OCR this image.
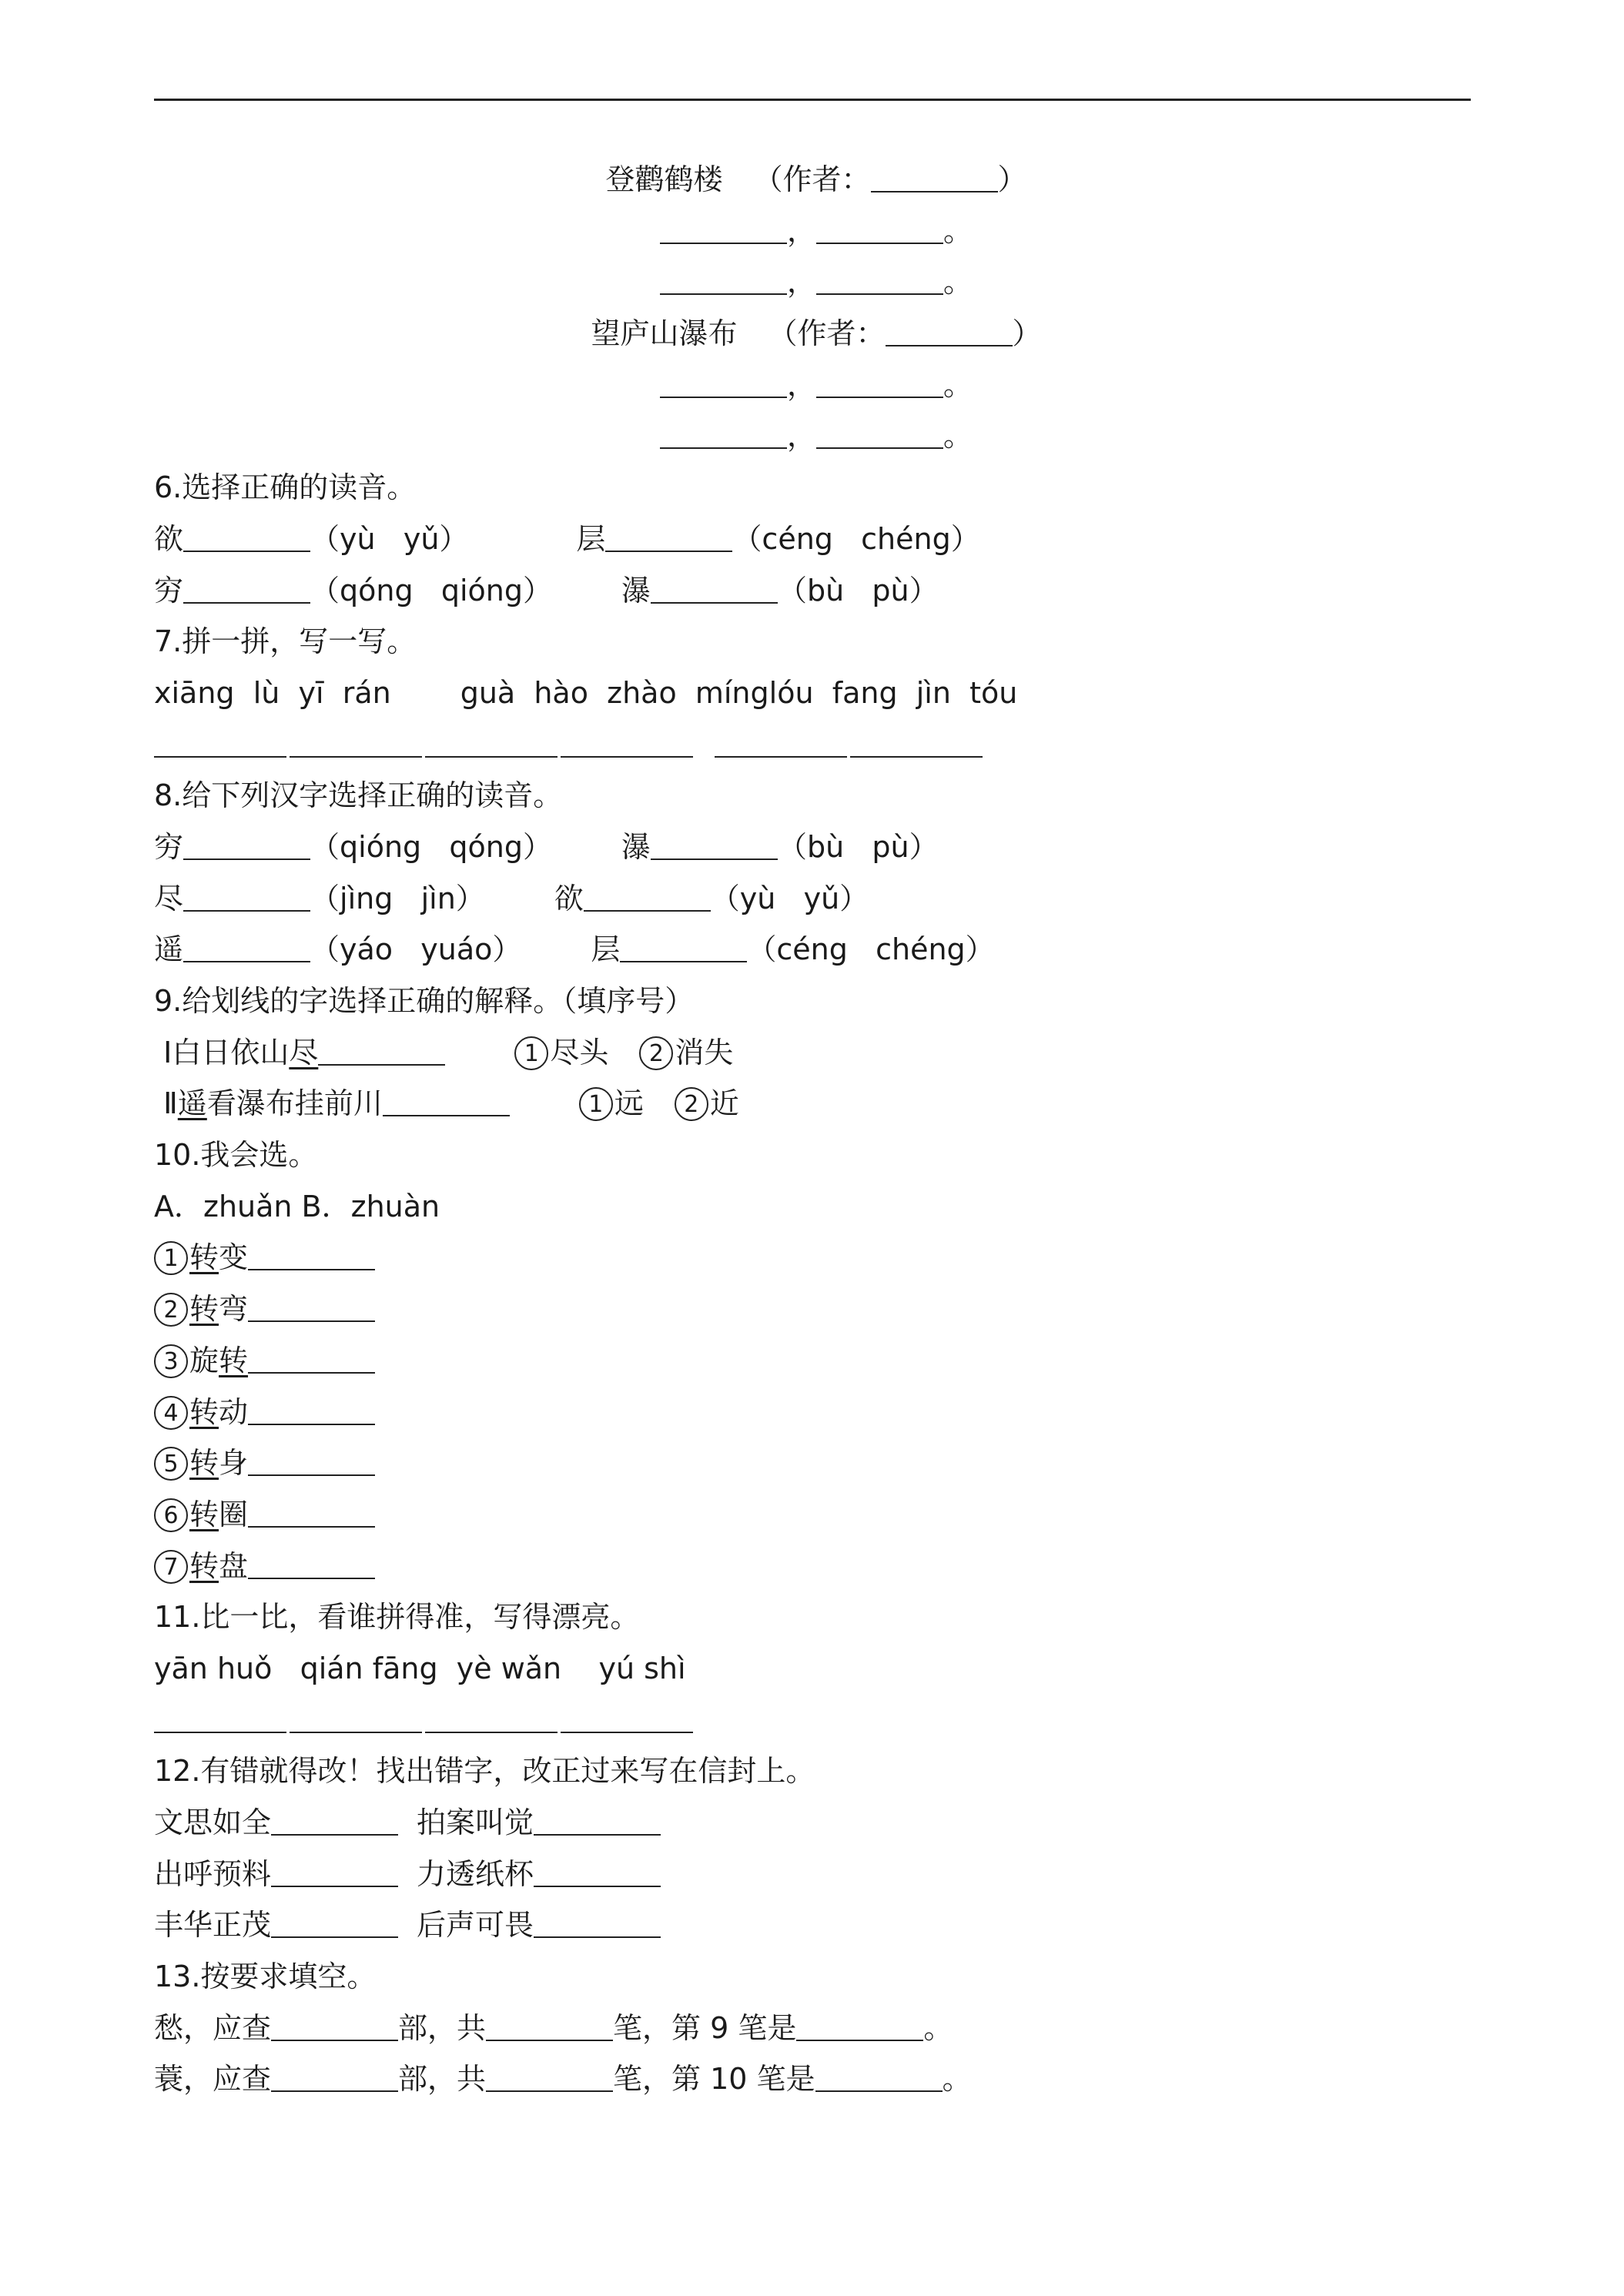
登鹳鹤楼 （作者：	）
，	。
，	。
望庐山瀑布 （作者：	）
，	。
，	。
6.选择正确的读音。
欲	（yù   yǔ）	层	（céng   chéng）
穷	（qóng   qióng） 瀑	（bù   pù）
7.拼一拼，写一写。
xiāng  lù  yī  rán guà  hào  zhào  mínglóu  fang  jìn  tóu
8.给下列汉字选择正确的读音。
穷	（qióng   qóng） 瀑	（bù   pù）
尽	（jìng   jìn） 欲	（yù   yǔ）
遥	（yáo   yuáo） 层	（céng   chéng）
9.给划线的字选择正确的解释。（填序号）
Ⅰ白日依山尽	1 尽头 2 消失
Ⅱ遥看瀑布挂前川	1 远 2 近
10.我会选。
A．zhuǎn B．zhuàn
1 转变
2 转弯
3 旋转
4 转动
5 转身
6 转圈
7 转盘
11.比一比，看谁拼得准，写得漂亮。
yān huǒ   qián fāng  yè wǎn    yú shì
12.有错就得改！找出错字，改正过来写在信封上。
文思如全	拍案叫觉
出呼预料	力透纸杯
丰华正茂	后声可畏
13.按要求填空。
愁，应查	部，共	笔，第 9 笔是	。
蓑，应查	部，共	笔，第 10 笔是	。
